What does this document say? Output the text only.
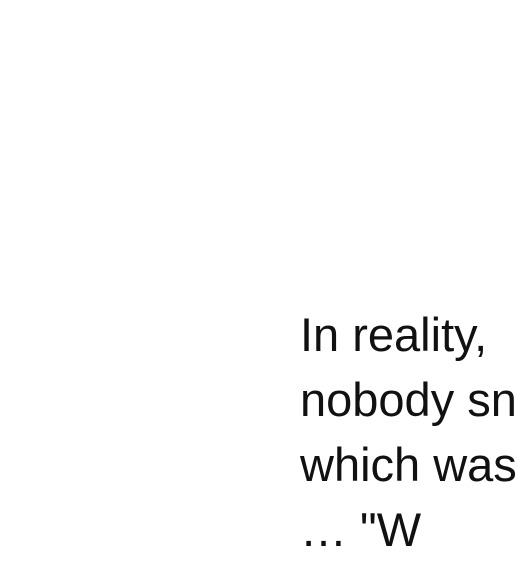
In reality,
nobody sn
which was
… "W
